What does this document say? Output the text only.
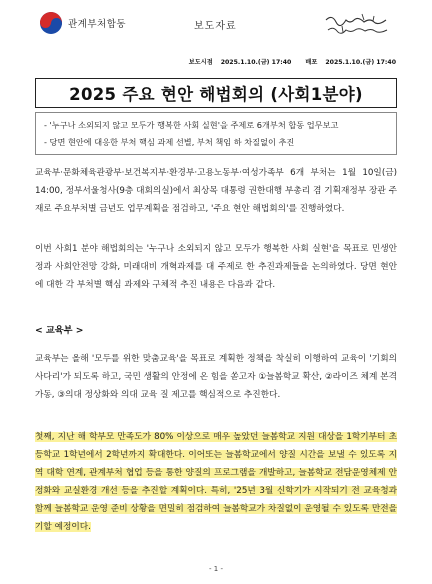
관계부처합동	보도자료
보도시점 2025.1.10.(금) 17:40 배포 2025.1.10.(금) 17:40
2025 주요 현안 해법회의 (사회1분야)
- '누구나 소외되지 않고 모두가 행복한 사회 실현'을 주제로 6개부처 합동 업무보고
- 당면 현안에 대응한 부처 핵심 과제 선별, 부처 책임 하 차질없이 추진
교육부·문화체육관광부·보건복지부·환경부·고용노동부·여성가족부 6개 부처는 1월 10일(금) 14:00, 정부서울청사(9층 대회의실)에서 최상목 대통령 권한대행 부총리 겸 기획재정부 장관 주재로 주요부처별 금년도 업무계획을 점검하고, '주요 현안 해법회의'를 진행하였다.
이번 사회1 분야 해법회의는 '누구나 소외되지 않고 모두가 행복한 사회 실현'을 목표로 민생안정과 사회안전망 강화, 미래대비 개혁과제를 대 주제로 한 추진과제들을 논의하였다. 당면 현안에 대한 각 부처별 핵심 과제와 구체적 추진 내용은 다음과 같다.
< 교육부 >
교육부는 올해 '모두를 위한 맞춤교육'을 목표로 계획한 정책을 착실히 이행하여 교육이 '기회의 사다리'가 되도록 하고, 국민 생활의 안정에 온 힘을 쏟고자 ①늘봄학교 확산, ②라이즈 체계 본격 가동, ③의대 정상화와 의대 교육 질 제고를 핵심적으로 추진한다.
첫째, 지난 해 학부모 만족도가 80% 이상으로 매우 높았던 늘봄학교 지원 대상을 1학기부터 초등학교 1학년에서 2학년까지 확대한다. 이어또는 늘봄학교에서 양질 시간을 보낼 수 있도록 지역 대학 연계, 관계부처 협업 등을 통한 양질의 프로그램을 개발하고, 늘봄학교 전담운영체제 안정화와 교실환경 개선 등을 추진할 계획이다. 특히, '25년 3월 신학기가 시작되기 전 교육청과 함께 늘봄학교 운영 준비 상황을 면밀히 점검하여 늘봄학교가 차질없이 운영될 수 있도록 만전을 기할 예정이다.
- 1 -
